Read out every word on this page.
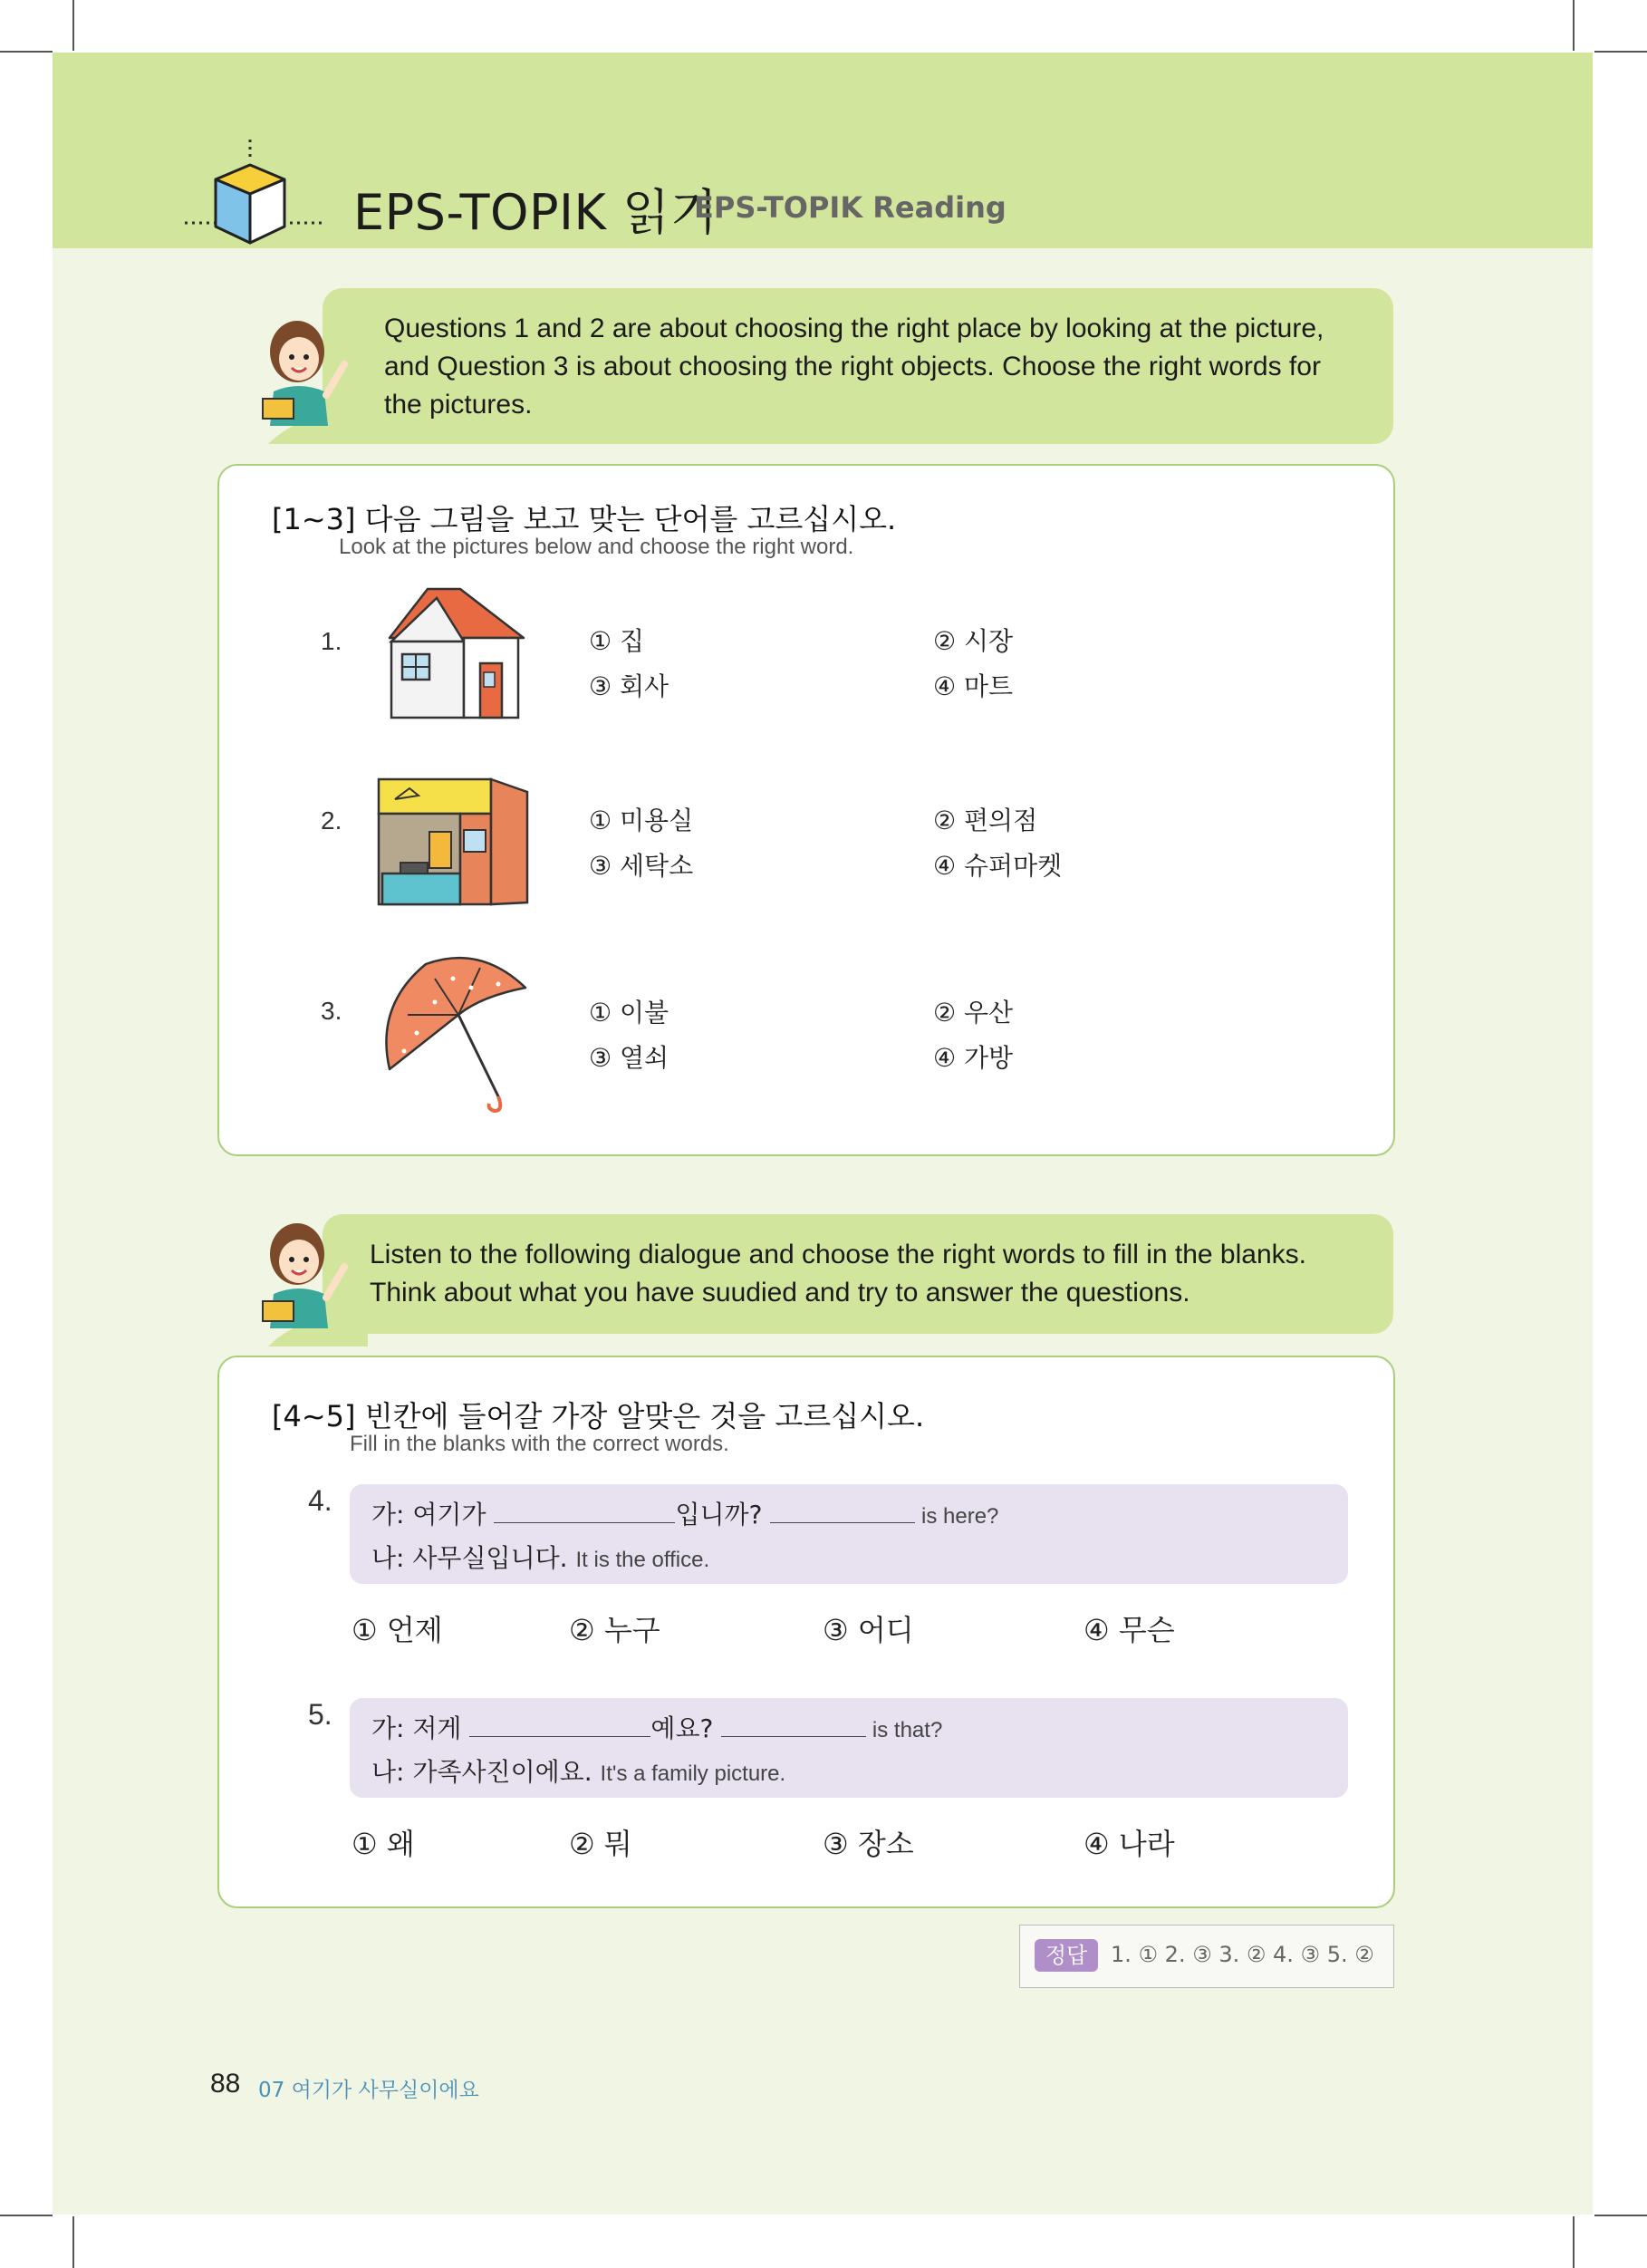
EPS-TOPIK 읽기
EPS-TOPIK Reading
Questions 1 and 2 are about choosing the right place by looking at the picture,
and Question 3 is about choosing the right objects. Choose the right words for
the pictures.
[1~3] 다음 그림을 보고 맞는 단어를 고르십시오.
Look at the pictures below and choose the right word.
1.	① 집	② 시장
③ 회사	④ 마트
2.	① 미용실	② 편의점
③ 세탁소	④ 슈퍼마켓
3.	① 이불	② 우산
③ 열쇠	④ 가방
Listen to the following dialogue and choose the right words to fill in the blanks.
Think about what you have suudied and try to answer the questions.
[4~5] 빈칸에 들어갈 가장 알맞은 것을 고르십시오.
Fill in the blanks with the correct words.
4. 가: 여기가	입니까?	is here?
나: 사무실입니다. It is the office.
① 언제	② 누구	③ 어디	④ 무슨
5. 가: 저게	예요?	is that?
나: 가족사진이에요. It's a family picture.
① 왜	② 뭐	③ 장소	④ 나라
정답	1. ① 2. ③ 3. ② 4. ③ 5. ②
88 07 여기가 사무실이에요
